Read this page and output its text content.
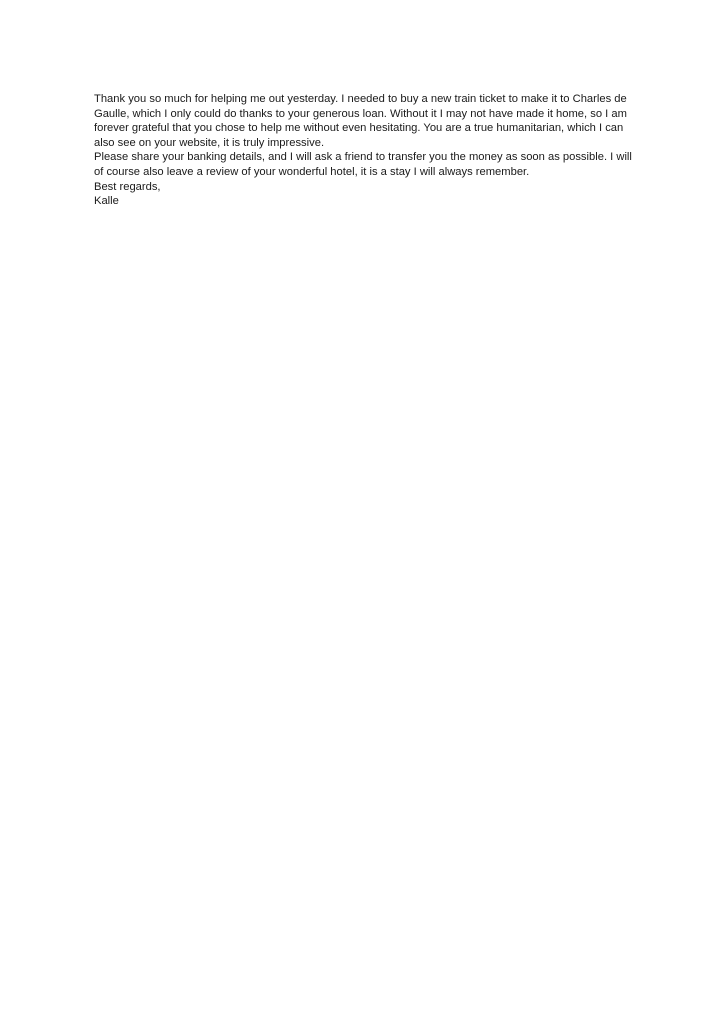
Thank you so much for helping me out yesterday. I needed to buy a new train ticket to make it to Charles de Gaulle, which I only could do thanks to your generous loan. Without it I may not have made it home, so I am forever grateful that you chose to help me without even hesitating. You are a true humanitarian, which I can also see on your website, it is truly impressive.

Please share your banking details, and I will ask a friend to transfer you the money as soon as possible. I will of course also leave a review of your wonderful hotel, it is a stay I will always remember.

Best regards,

Kalle
